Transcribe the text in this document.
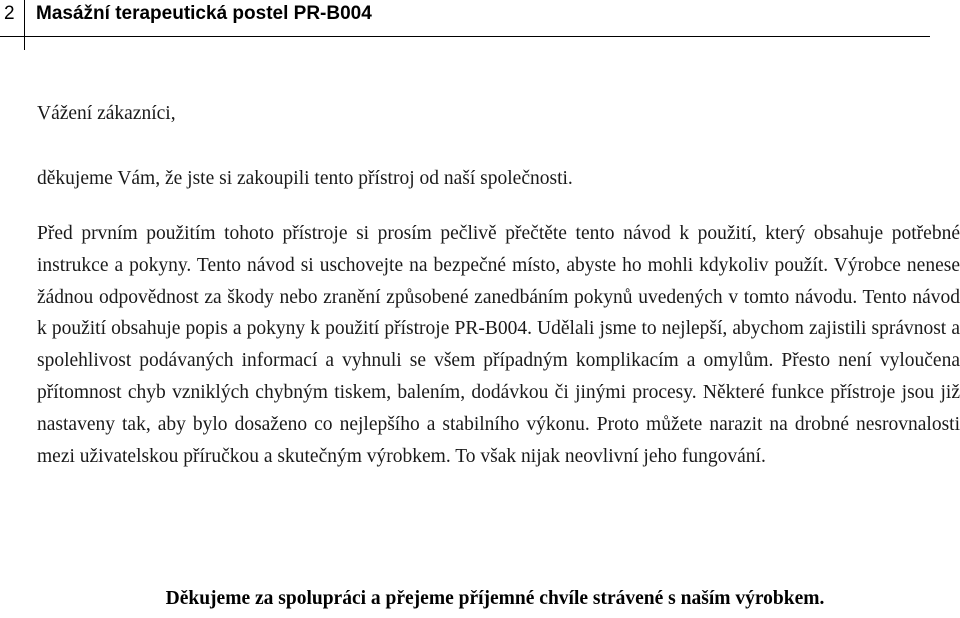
2 Masážní terapeutická postel PR-B004
Vážení zákazníci,
děkujeme Vám, že jste si zakoupili tento přístroj od naší společnosti.

Před prvním použitím tohoto přístroje si prosím pečlivě přečtěte tento návod k použití, který obsahuje potřebné instrukce a pokyny. Tento návod si uschovejte na bezpečné místo, abyste ho mohli kdykoliv použít. Výrobce nenese žádnou odpovědnost za škody nebo zranění způsobené zanedbáním pokynů uvedených v tomto návodu. Tento návod k použití obsahuje popis a pokyny k použití přístroje PR-B004. Udělali jsme to nejlepší, abychom zajistili správnost a spolehlivost podávaných informací a vyhnuli se všem případným komplikacím a omylům. Přesto není vyloučena přítomnost chyb vzniklých chybným tiskem, balením, dodávkou či jinými procesy. Některé funkce přístroje jsou již nastaveny tak, aby bylo dosaženo co nejlepšího a stabilního výkonu. Proto můžete narazit na drobné nesrovnalosti mezi uživatelskou příručkou a skutečným výrobkem. To však nijak neovlivní jeho fungování.

Děkujeme za spolupráci a přejeme příjemné chvíle strávené s naším výrobkem.
